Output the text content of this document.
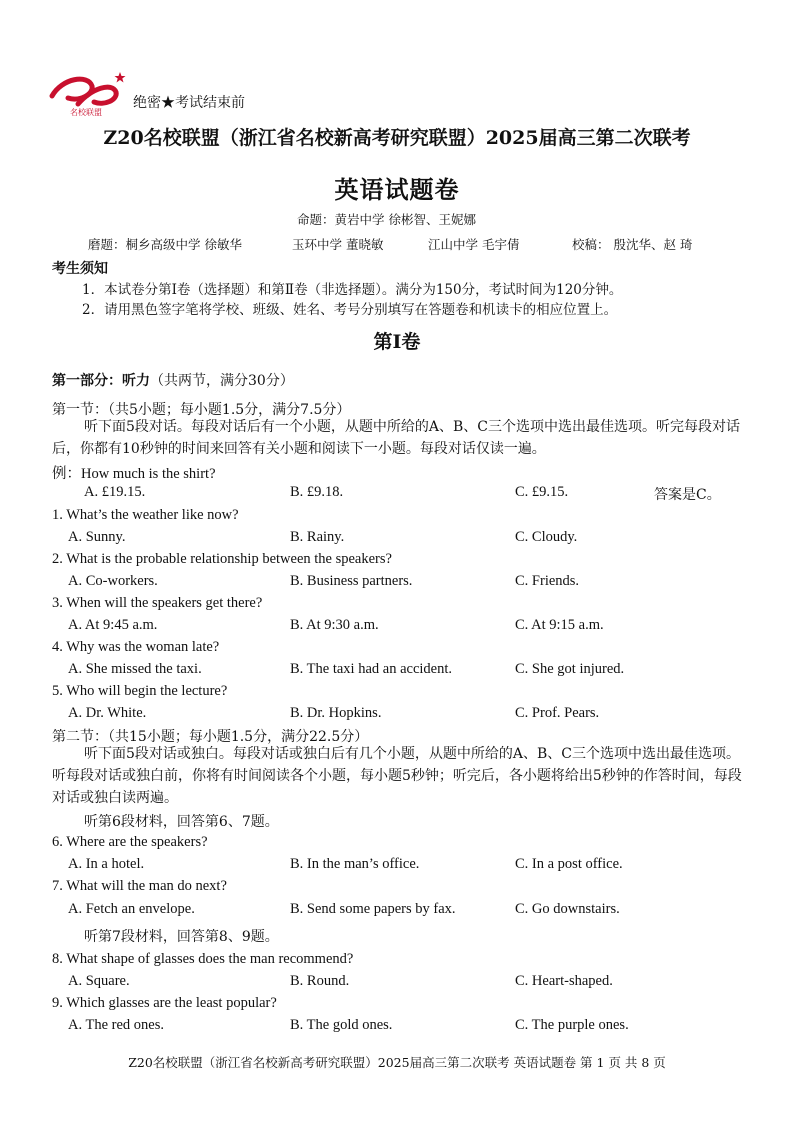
名校联盟
绝密★考试结束前
Z20名校联盟（浙江省名校新高考研究联盟）2025届高三第二次联考
英语试题卷
命题：黄岩中学 徐彬智、王妮娜
磨题：桐乡高级中学 徐敏华	玉环中学 董晓敏	江山中学 毛宇倩	校稿： 殷沈华、赵 琦
考生须知
1．本试卷分第Ⅰ卷（选择题）和第Ⅱ卷（非选择题）。满分为150分，考试时间为120分钟。
2．请用黑色签字笔将学校、班级、姓名、考号分别填写在答题卷和机读卡的相应位置上。
第Ⅰ卷
第一部分：听力（共两节，满分30分）
第一节：（共5小题；每小题1.5分，满分7.5分）
听下面5段对话。每段对话后有一个小题，从题中所给的A、B、C三个选项中选出最佳选项。听完每段对话后，你都有10秒钟的时间来回答有关小题和阅读下一小题。每段对话仅读一遍。
例：How much is the shirt?
A. £19.15.	B. £9.18.	C. £9.15.	答案是C。
1. What’s the weather like now?
A. Sunny.	B. Rainy.	C. Cloudy.
2. What is the probable relationship between the speakers?
A. Co-workers.	B. Business partners.	C. Friends.
3. When will the speakers get there?
A. At 9:45 a.m.	B. At 9:30 a.m.	C. At 9:15 a.m.
4. Why was the woman late?
A. She missed the taxi.	B. The taxi had an accident.	C. She got injured.
5. Who will begin the lecture?
A. Dr. White.	B. Dr. Hopkins.	C. Prof. Pears.
第二节：（共15小题；每小题1.5分，满分22.5分）
听下面5段对话或独白。每段对话或独白后有几个小题，从题中所给的A、B、C三个选项中选出最佳选项。听每段对话或独白前，你将有时间阅读各个小题，每小题5秒钟；听完后，各小题将给出5秒钟的作答时间，每段对话或独白读两遍。
听第6段材料，回答第6、7题。
6. Where are the speakers?
A. In a hotel.	B. In the man’s office.	C. In a post office.
7. What will the man do next?
A. Fetch an envelope.	B. Send some papers by fax.	C. Go downstairs.
听第7段材料，回答第8、9题。
8. What shape of glasses does the man recommend?
A. Square.	B. Round.	C. Heart-shaped.
9. Which glasses are the least popular?
A. The red ones.	B. The gold ones.	C. The purple ones.
Z20名校联盟（浙江省名校新高考研究联盟）2025届高三第二次联考 英语试题卷 第 1 页 共 8 页
